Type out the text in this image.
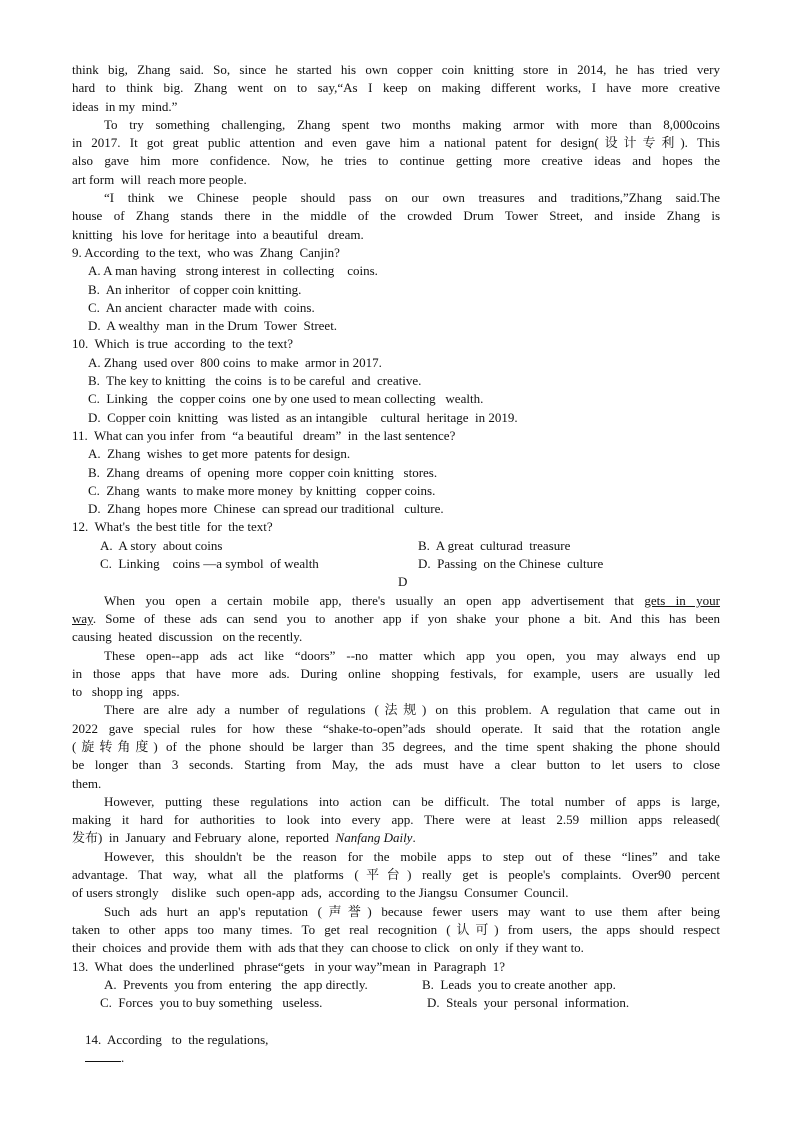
think big, Zhang said. So, since he started his own copper coin knitting store in 2014, he has tried very
hard to think big. Zhang went on to say,“As I keep on making different works, I have more creative
ideas  in my  mind.”
To try something challenging, Zhang spent two months making armor with more than 8,000coins
in 2017. It got great public attention and even gave him a national patent for design(设计专利). This
also gave him more confidence. Now, he tries to continue getting more creative ideas and hopes the
art form  will  reach more people.
“I think we Chinese people should pass on our own treasures and traditions,”Zhang said.The
house of Zhang stands there in the middle of the crowded Drum Tower Street, and inside Zhang is
knitting   his love  for heritage  into  a beautiful   dream.
9. According  to the text,  who was  Zhang  Canjin?
A. A man having   strong interest  in  collecting    coins.
B.  An inheritor   of copper coin knitting.
C.  An ancient  character  made with  coins.
D.  A wealthy  man  in the Drum  Tower  Street.
10.  Which  is true  according  to  the text?
A. Zhang  used over  800 coins  to make  armor in 2017.
B.  The key to knitting   the coins  is to be careful  and  creative.
C.  Linking   the  copper coins  one by one used to mean collecting   wealth.
D.  Copper coin  knitting   was listed  as an intangible    cultural  heritage  in 2019.
11.  What can you infer  from  “a beautiful   dream”  in  the last sentence?
A.  Zhang  wishes  to get more  patents for design.
B.  Zhang  dreams  of  opening  more  copper coin knitting   stores.
C.  Zhang  wants  to make more money  by knitting   copper coins.
D.  Zhang  hopes more  Chinese  can spread our traditional   culture.
12.  What's  the best title  for  the text?
A.  A story  about coins	B.  A great  culturad  treasure
C.  Linking    coins —a symbol  of wealth	D.  Passing  on the Chinese  culture
D
When you open a certain mobile app, there's usually an open app advertisement that gets in your
way. Some of these ads can send you to another app if yon shake your phone a bit. And this has been
causing  heated  discussion   on the recently.
These open--app ads act like “doors” --no matter which app you open, you may always end up
in those apps that have more ads. During online shopping festivals, for example, users are usually led
to   shopp ing   apps.
There are alre ady a number of regulations (法规) on this problem. A regulation that came out in
2022 gave special rules for how these “shake-to-open”ads should operate. It said that the rotation angle
(旋转角度) of the phone should be larger than 35 degrees, and the time spent shaking the phone should
be longer than 3 seconds. Starting from May, the ads must have a clear button to let users to close
them.
However, putting these regulations into action can be difficult. The total number of apps is large,
making it hard for authorities to look into every app. There were at least 2.59 million apps released(
发布)  in  January  and February  alone,  reported  Nanfang Daily.
However, this shouldn't be the reason for the mobile apps to step out of these “lines” and take
advantage. That way, what all the platforms (平台) really get is people's complaints. Over90 percent
of users strongly    dislike   such  open-app  ads,  according  to the Jiangsu  Consumer  Council.
Such ads hurt an app's reputation (声誉) because fewer users may want to use them after being
taken to other apps too many times. To get real recognition (认可) from users, the apps should respect
their  choices  and provide  them  with  ads that they  can choose to click   on only  if they want to.
13.  What  does  the underlined   phrase“gets   in your way”mean  in  Paragraph  1?
A.  Prevents  you from  entering   the  app directly.	B.  Leads  you to create another  app.
C.  Forces  you to buy something   useless.	D.  Steals  your  personal  information.

14.  According   to  the regulations,
.
